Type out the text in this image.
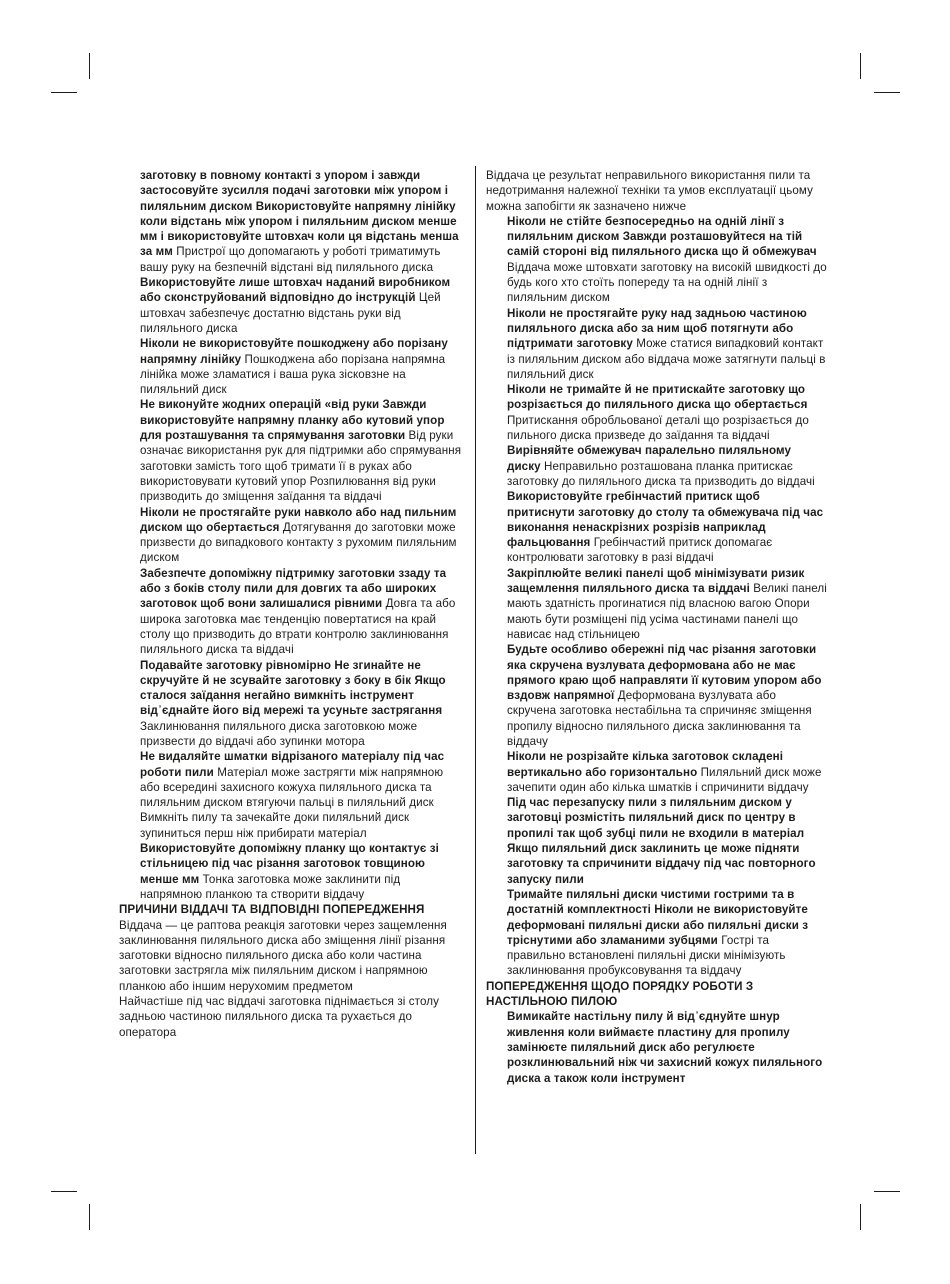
заготовку в повному контакті з упором і завжди застосовуйте зусилля подачі заготовки між упором і пиляльним диском Використовуйте напрямну лінійку коли відстань між упором і пиляльним диском менше мм і використовуйте штовхач коли ця відстань менша за мм Пристрої що допомагають у роботі триматимуть вашу руку на безпечній відстані від пиляльного диска

Використовуйте лише штовхач наданий виробником або сконструйований відповідно до інструкцій Цей штовхач забезпечує достатню відстань руки від пиляльного диска

Ніколи не використовуйте пошкоджену або порізану напрямну лінійку Пошкоджена або порізана напрямна лінійка може зламатися і ваша рука зісковзне на пиляльний диск

Не виконуйте жодних операцій «від руки Завжди використовуйте напрямну планку або кутовий упор для розташування та спрямування заготовки Від руки означає використання рук для підтримки або спрямування заготовки замість того щоб тримати її в руках або використовувати кутовий упор Розпилювання від руки призводить до зміщення заїдання та віддачі

Ніколи не простягайте руки навколо або над пильним диском що обертається Дотягування до заготовки може призвести до випадкового контакту з рухомим пиляльним диском

Забезпечте допоміжну підтримку заготовки ззаду та або з боків столу пили для довгих та або широких заготовок щоб вони залишалися рівними Довга та або широка заготовка має тенденцію повертатися на край столу що призводить до втрати контролю заклинювання пиляльного диска та віддачі

Подавайте заготовку рівномірно Не згинайте не скручуйте й не зсувайте заготовку з боку в бік Якщо сталося заїдання негайно вимкніть інструмент від᾽єднайте його від мережі та усуньте застрягання Заклинювання пиляльного диска заготовкою може призвести до віддачі або зупинки мотора

Не видаляйте шматки відрізаного матеріалу під час роботи пили Матеріал може застрягти між напрямною або всередині захисного кожуха пиляльного диска та пиляльним диском втягуючи пальці в пиляльний диск Вимкніть пилу та зачекайте доки пиляльний диск зупиниться перш ніж прибирати матеріал

Використовуйте допоміжну планку що контактує зі стільницею під час різання заготовок товщиною менше мм Тонка заготовка може заклинити під напрямною планкою та створити віддачу

ПРИЧИНИ ВІДДАЧІ ТА ВІДПОВІДНІ ПОПЕРЕДЖЕННЯ

Віддача — це раптова реакція заготовки через защемлення заклинювання пиляльного диска або зміщення лінії різання заготовки відносно пиляльного диска або коли частина заготовки застрягла між пиляльним диском і напрямною планкою або іншим нерухомим предметом

Найчастіше під час віддачі заготовка піднімається зі столу задньою частиною пиляльного диска та рухається до оператора

Віддача це результат неправильного використання пили та недотримання належної техніки та умов експлуатації цьому можна запобігти як зазначено нижче

Ніколи не стійте безпосередньо на одній лінії з пиляльним диском Завжди розташовуйтеся на тій самій стороні від пиляльного диска що й обмежувач Віддача може штовхати заготовку на високій швидкості до будь кого хто стоїть попереду та на одній лінії з пиляльним диском

Ніколи не простягайте руку над задньою частиною пиляльного диска або за ним щоб потягнути або підтримати заготовку Може статися випадковий контакт із пиляльним диском або віддача може затягнути пальці в пиляльний диск

Ніколи не тримайте й не притискайте заготовку що розрізається до пиляльного диска що обертається Притискання обробльованої деталі що розрізається до пильного диска призведе до заїдання та віддачі

Вирівняйте обмежувач паралельно пиляльному диску Неправильно розташована планка притискає заготовку до пиляльного диска та призводить до віддачі

Використовуйте гребінчастий притиск щоб притиснути заготовку до столу та обмежувача під час виконання ненаскрізних розрізів наприклад фальцювання Гребінчастий притиск допомагає контролювати заготовку в разі віддачі

Закріплюйте великі панелі щоб мінімізувати ризик защемлення пиляльного диска та віддачі Великі панелі мають здатність прогинатися під власною вагою Опори мають бути розміщені під усіма частинами панелі що нависає над стільницею

Будьте особливо обережні під час різання заготовки яка скручена вузлувата деформована або не має прямого краю щоб направляти її кутовим упором або вздовж напрямної Деформована вузлувата або скручена заготовка нестабільна та спричиняє зміщення пропилу відносно пиляльного диска заклинювання та віддачу

Ніколи не розрізайте кілька заготовок складені вертикально або горизонтально Пиляльний диск може зачепити один або кілька шматків і спричинити віддачу

Під час перезапуску пили з пиляльним диском у заготовці розмістіть пиляльний диск по центру в пропилі так щоб зубці пили не входили в матеріал Якщо пиляльний диск заклинить це може підняти заготовку та спричинити віддачу під час повторного запуску пили

Тримайте пиляльні диски чистими гострими та в достатній комплектності Ніколи не використовуйте деформовані пиляльні диски або пиляльні диски з тріснутими або зламаними зубцями Гострі та правильно встановлені пиляльні диски мінімізують заклинювання пробуксовування та віддачу

ПОПЕРЕДЖЕННЯ ЩОДО ПОРЯДКУ РОБОТИ З НАСТІЛЬНОЮ ПИЛОЮ

Вимикайте настільну пилу й від᾽єднуйте шнур живлення коли виймаєте пластину для пропилу замінюєте пиляльний диск або регулюєте розклинювальний ніж чи захисний кожух пиляльного диска а також коли інструмент
